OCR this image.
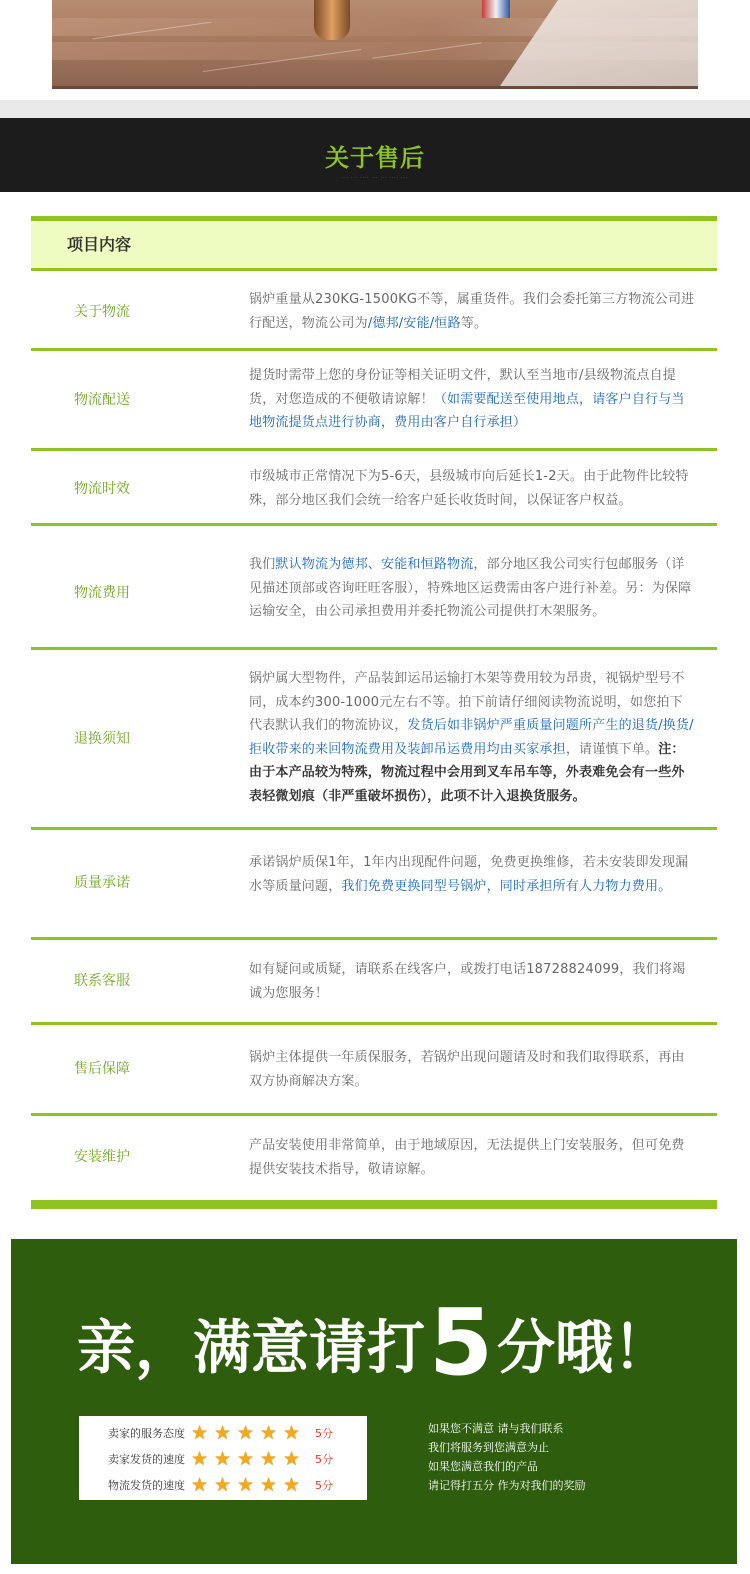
关于售后
··· ··· ···· ··· ··· ···· ···
项目内容
关于物流
锅炉重量从230KG-1500KG不等，属重货件。我们会委托第三方物流公司进行配送，物流公司为/德邦/安能/恒路等。
物流配送
提货时需带上您的身份证等相关证明文件，默认至当地市/县级物流点自提货，对您造成的不便敬请谅解！（如需要配送至使用地点，请客户自行与当地物流提货点进行协商，费用由客户自行承担）
物流时效
市级城市正常情况下为5-6天，县级城市向后延长1-2天。由于此物件比较特殊，部分地区我们会统一给客户延长收货时间，以保证客户权益。
物流费用
我们默认物流为德邦、安能和恒路物流，部分地区我公司实行包邮服务（详见描述顶部或咨询旺旺客服），特殊地区运费需由客户进行补差。另：为保障运输安全，由公司承担费用并委托物流公司提供打木架服务。
退换须知
锅炉属大型物件，产品装卸运吊运输打木架等费用较为昂贵，视锅炉型号不同，成本约300-1000元左右不等。拍下前请仔细阅读物流说明，如您拍下代表默认我们的物流协议，发货后如非锅炉严重质量问题所产生的退货/换货/拒收带来的来回物流费用及装卸吊运费用均由买家承担，请谨慎下单。注：由于本产品较为特殊，物流过程中会用到叉车吊车等，外表难免会有一些外表轻微划痕（非严重破坏损伤），此项不计入退换货服务。
质量承诺
承诺锅炉质保1年，1年内出现配件问题，免费更换维修，若未安装即发现漏水等质量问题，我们免费更换同型号锅炉，同时承担所有人力物力费用。
联系客服
如有疑问或质疑，请联系在线客户，或拨打电话18728824099，我们将竭诚为您服务！
售后保障
锅炉主体提供一年质保服务，若锅炉出现问题请及时和我们取得联系，再由双方协商解决方案。
安装维护
产品安装使用非常简单，由于地域原因，无法提供上门安装服务，但可免费提供安装技术指导，敬请谅解。
亲，满意请打5分哦！
卖家的服务态度 ★ ★ ★ ★ ★ 5分
卖家发货的速度 ★ ★ ★ ★ ★ 5分
物流发货的速度 ★ ★ ★ ★ ★ 5分
如果您不满意 请与我们联系
我们将服务到您满意为止
如果您满意我们的产品
请记得打五分 作为对我们的奖励
